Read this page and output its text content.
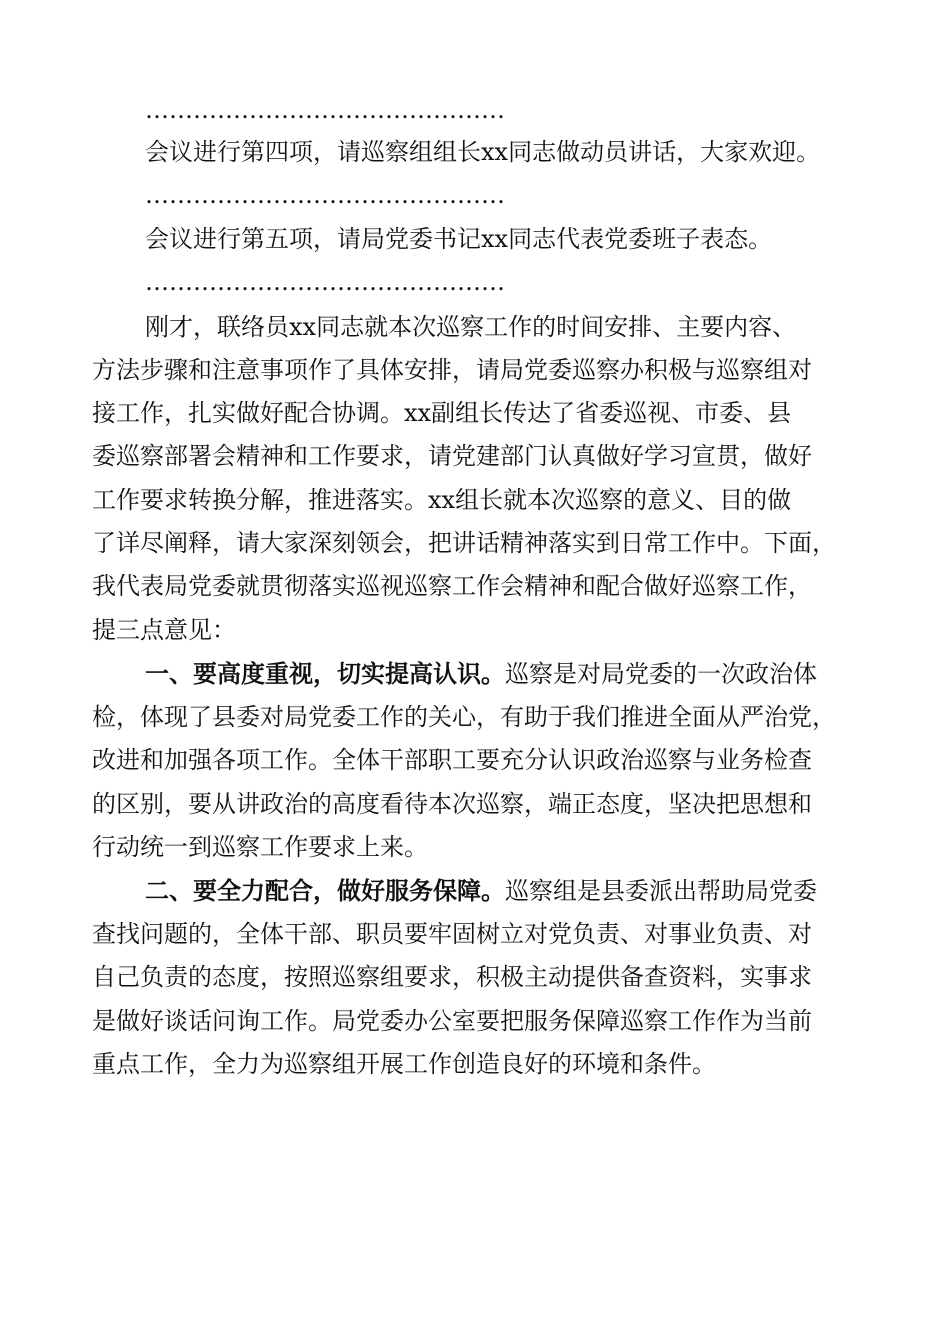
………………………………………
会议进行第四项，请巡察组组长xx同志做动员讲话，大家欢迎。
………………………………………
会议进行第五项，请局党委书记xx同志代表党委班子表态。
………………………………………
刚才，联络员xx同志就本次巡察工作的时间安排、主要内容、
方法步骤和注意事项作了具体安排，请局党委巡察办积极与巡察组对
接工作，扎实做好配合协调。xx副组长传达了省委巡视、市委、县
委巡察部署会精神和工作要求，请党建部门认真做好学习宣贯，做好
工作要求转换分解，推进落实。xx组长就本次巡察的意义、目的做
了详尽阐释，请大家深刻领会，把讲话精神落实到日常工作中。下面，
我代表局党委就贯彻落实巡视巡察工作会精神和配合做好巡察工作，
提三点意见：
一、要高度重视，切实提高认识。巡察是对局党委的一次政治体
检，体现了县委对局党委工作的关心，有助于我们推进全面从严治党，
改进和加强各项工作。全体干部职工要充分认识政治巡察与业务检查
的区别，要从讲政治的高度看待本次巡察，端正态度，坚决把思想和
行动统一到巡察工作要求上来。
二、要全力配合，做好服务保障。巡察组是县委派出帮助局党委
查找问题的，全体干部、职员要牢固树立对党负责、对事业负责、对
自己负责的态度，按照巡察组要求，积极主动提供备查资料，实事求
是做好谈话问询工作。局党委办公室要把服务保障巡察工作作为当前
重点工作，全力为巡察组开展工作创造良好的环境和条件。
